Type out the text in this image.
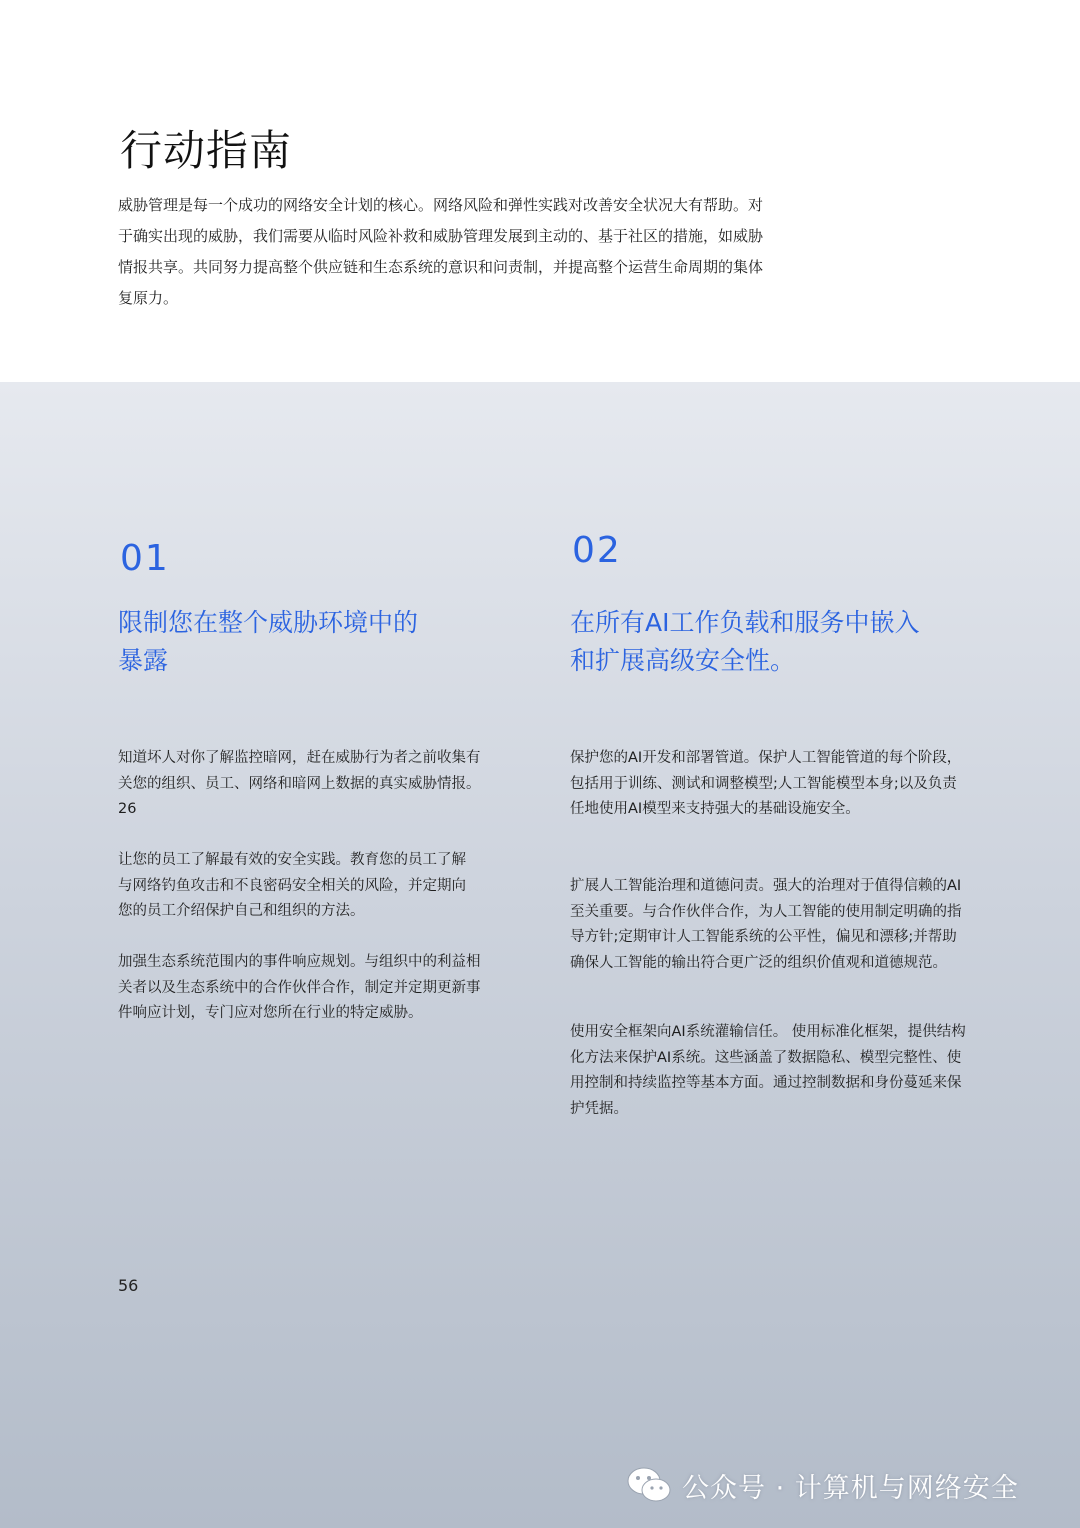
行动指南

威胁管理是每一个成功的网络安全计划的核心。网络风险和弹性实践对改善安全状况大有帮助。对于确实出现的威胁，我们需要从临时风险补救和威胁管理发展到主动的、基于社区的措施，如威胁情报共享。共同努力提高整个供应链和生态系统的意识和问责制，并提高整个运营生命周期的集体复原力。

01
限制您在整个威胁环境中的暴露

知道坏人对你了解监控暗网，赶在威胁行为者之前收集有关您的组织、员工、网络和暗网上数据的真实威胁情报。26

让您的员工了解最有效的安全实践。教育您的员工了解与网络钓鱼攻击和不良密码安全相关的风险，并定期向您的员工介绍保护自己和组织的方法。

加强生态系统范围内的事件响应规划。与组织中的利益相关者以及生态系统中的合作伙伴合作，制定并定期更新事件响应计划，专门应对您所在行业的特定威胁。

02
在所有AI工作负载和服务中嵌入和扩展高级安全性。

保护您的AI开发和部署管道。保护人工智能管道的每个阶段，包括用于训练、测试和调整模型;人工智能模型本身;以及负责任地使用AI模型来支持强大的基础设施安全。

扩展人工智能治理和道德问责。强大的治理对于值得信赖的AI至关重要。与合作伙伴合作，为人工智能的使用制定明确的指导方针;定期审计人工智能系统的公平性，偏见和漂移;并帮助确保人工智能的输出符合更广泛的组织价值观和道德规范。

使用安全框架向AI系统灌输信任。 使用标准化框架，提供结构化方法来保护AI系统。这些涵盖了数据隐私、模型完整性、使用控制和持续监控等基本方面。通过控制数据和身份蔓延来保护凭据。

56
公众号 · 计算机与网络安全
